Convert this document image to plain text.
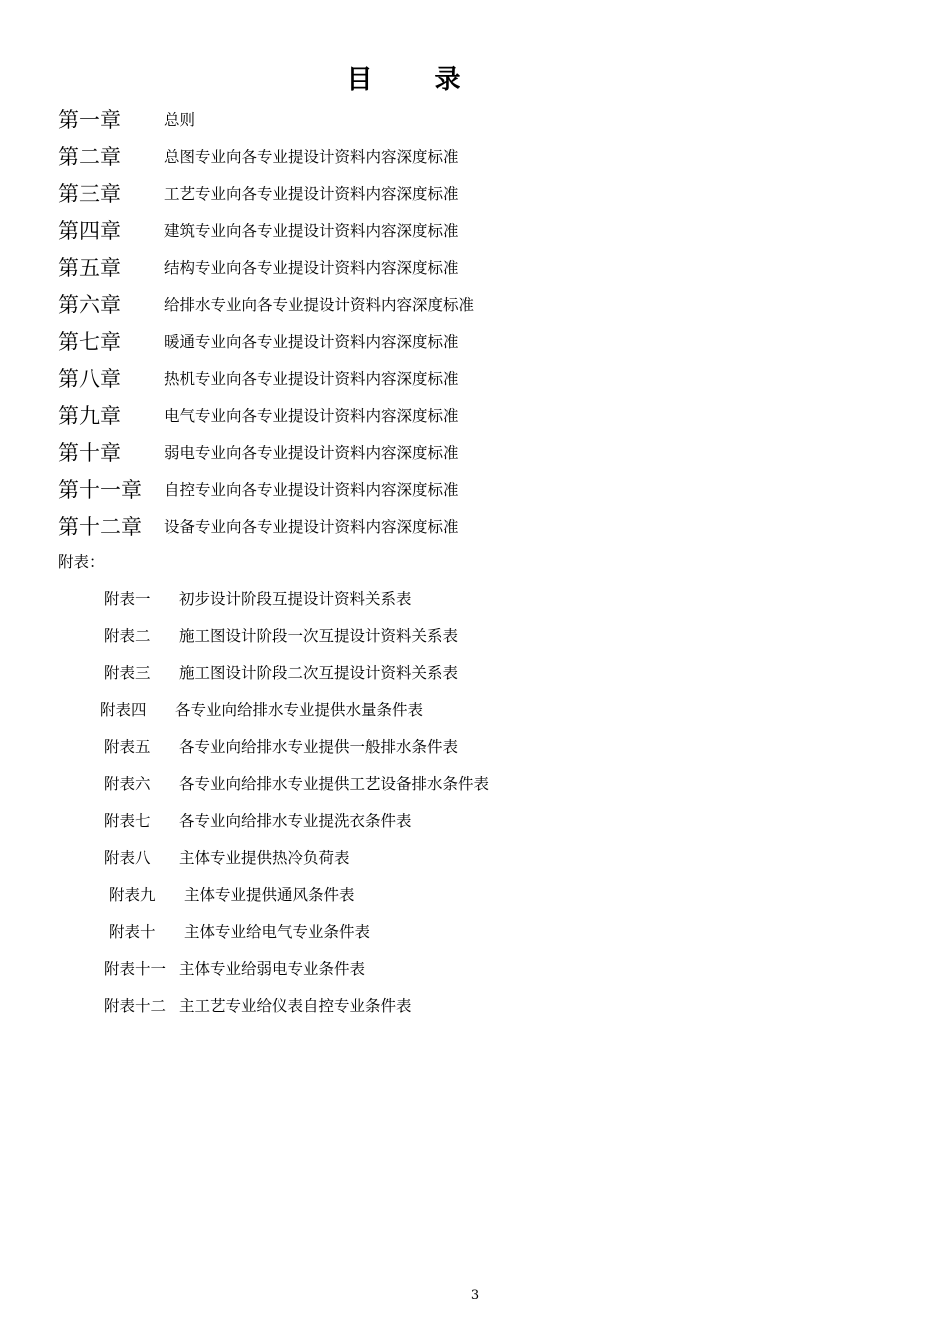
目录
第一章	总则
第二章	总图专业向各专业提设计资料内容深度标准
第三章	工艺专业向各专业提设计资料内容深度标准
第四章	建筑专业向各专业提设计资料内容深度标准
第五章	结构专业向各专业提设计资料内容深度标准
第六章	给排水专业向各专业提设计资料内容深度标准
第七章	暖通专业向各专业提设计资料内容深度标准
第八章	热机专业向各专业提设计资料内容深度标准
第九章	电气专业向各专业提设计资料内容深度标准
第十章	弱电专业向各专业提设计资料内容深度标准
第十一章	自控专业向各专业提设计资料内容深度标准
第十二章	设备专业向各专业提设计资料内容深度标准
附表：
附表一 初步设计阶段互提设计资料关系表
附表二 施工图设计阶段一次互提设计资料关系表
附表三 施工图设计阶段二次互提设计资料关系表
附表四 各专业向给排水专业提供水量条件表
附表五 各专业向给排水专业提供一般排水条件表
附表六 各专业向给排水专业提供工艺设备排水条件表
附表七 各专业向给排水专业提洗衣条件表
附表八 主体专业提供热冷负荷表
附表九 主体专业提供通风条件表
附表十 主体专业给电气专业条件表
附表十一 主体专业给弱电专业条件表
附表十二 主工艺专业给仪表自控专业条件表
3
